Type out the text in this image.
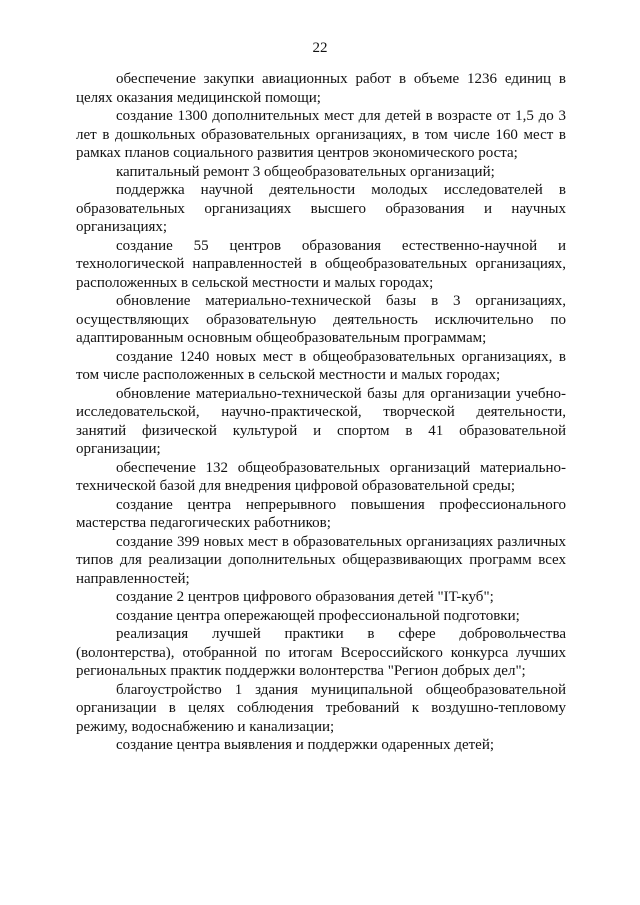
22

обеспечение закупки авиационных работ в объеме 1236 единиц в целях оказания медицинской помощи;

создание 1300 дополнительных мест для детей в возрасте от 1,5 до 3 лет в дошкольных образовательных организациях, в том числе 160 мест в рамках планов социального развития центров экономического роста;

капитальный ремонт 3 общеобразовательных организаций;

поддержка научной деятельности молодых исследователей в образовательных организациях высшего образования и научных организациях;

создание 55 центров образования естественно-научной и технологической направленностей в общеобразовательных организациях, расположенных в сельской местности и малых городах;

обновление материально-технической базы в 3 организациях, осуществляющих образовательную деятельность исключительно по адаптированным основным общеобразовательным программам;

создание 1240 новых мест в общеобразовательных организациях, в том числе расположенных в сельской местности и малых городах;

обновление материально-технической базы для организации учебно-исследовательской, научно-практической, творческой деятельности, занятий физической культурой и спортом в 41 образовательной организации;

обеспечение 132 общеобразовательных организаций материально-технической базой для внедрения цифровой образовательной среды;

создание центра непрерывного повышения профессионального мастерства педагогических работников;

создание 399 новых мест в образовательных организациях различных типов для реализации дополнительных общеразвивающих программ всех направленностей;

создание 2 центров цифрового образования детей "IT-куб";

создание центра опережающей профессиональной подготовки;

реализация лучшей практики в сфере добровольчества (волонтерства), отобранной по итогам Всероссийского конкурса лучших региональных практик поддержки волонтерства "Регион добрых дел";

благоустройство 1 здания муниципальной общеобразовательной организации в целях соблюдения требований к воздушно-тепловому режиму, водоснабжению и канализации;

создание центра выявления и поддержки одаренных детей;
